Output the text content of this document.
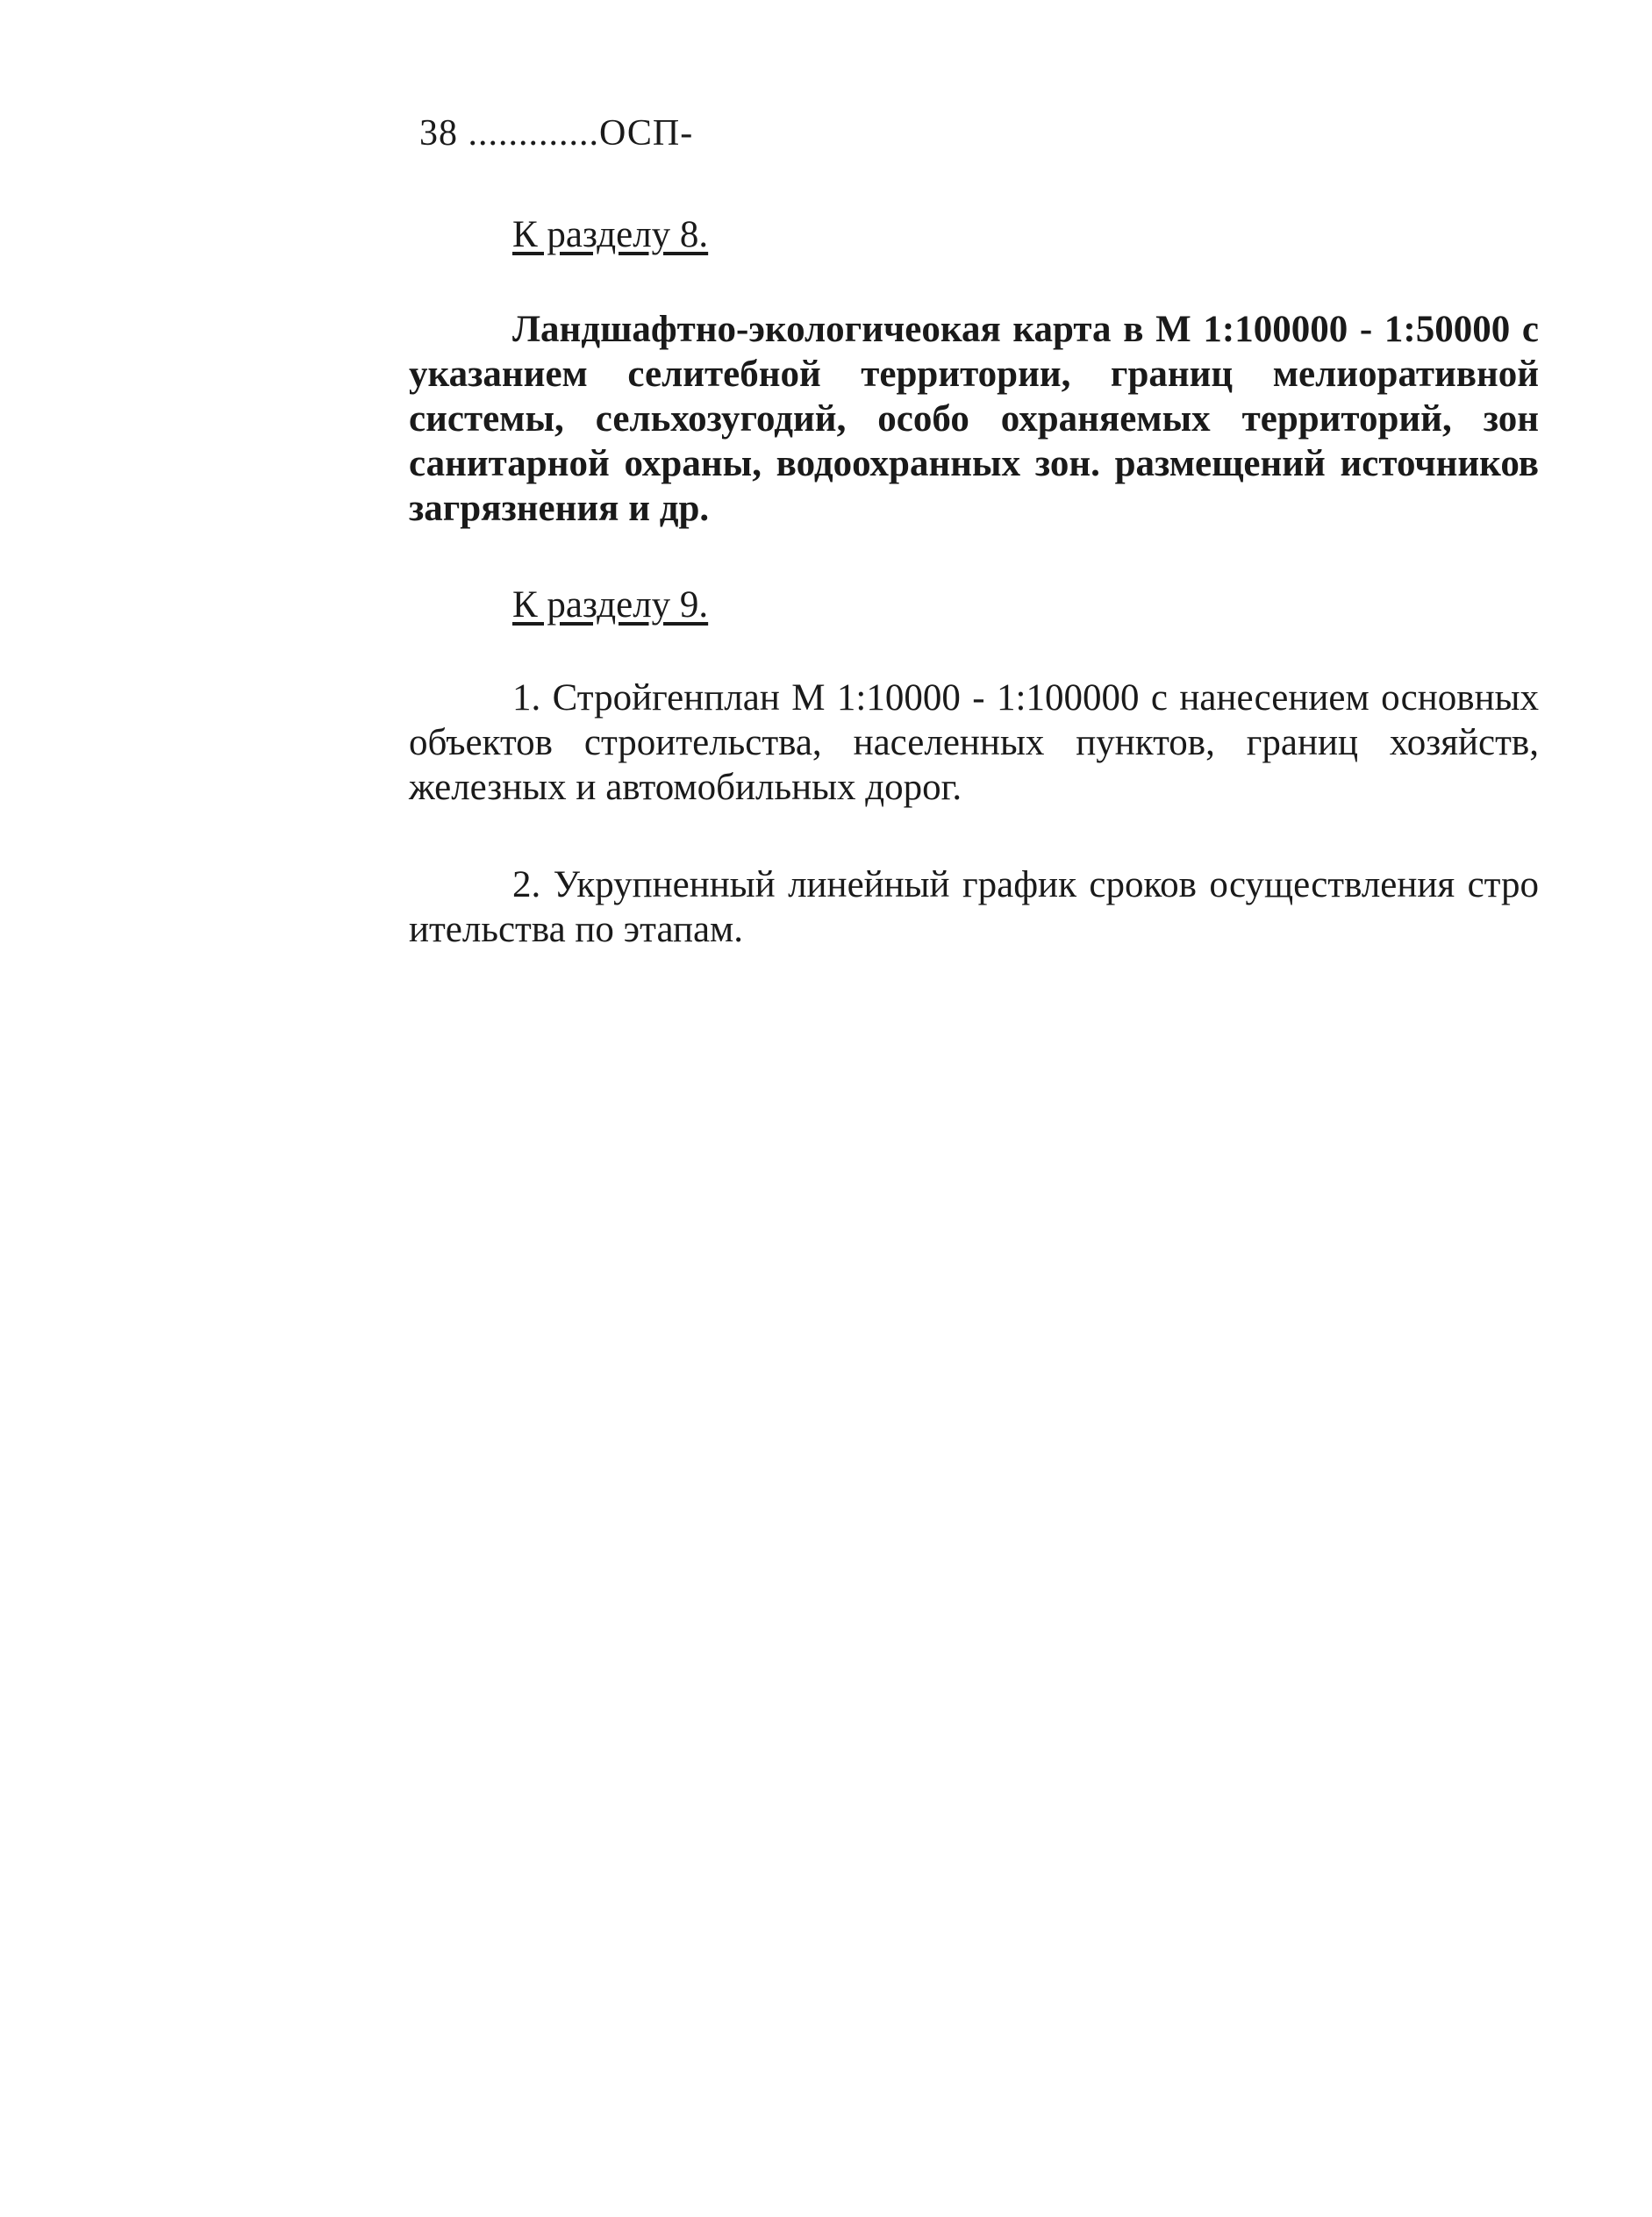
38 .............ОСП-
К разделу 8.

Ландшафтно-экологичеокая карта в М 1:100000 - 1:50000 с указанием селитебной территории, границ мелиоративной системы, сельхозугодий, особо охраняемых территорий, зон санитарной охраны, водоохранных зон. размещений источников загрязнения и др.

К разделу 9.

1. Стройгенплан М 1:10000 - 1:100000 с нанесением основных объектов строительства, населенных пунктов, границ хозяйств, железных и автомобильных дорог.

2. Укрупненный линейный график сроков осуществления стро ительства по этапам.
